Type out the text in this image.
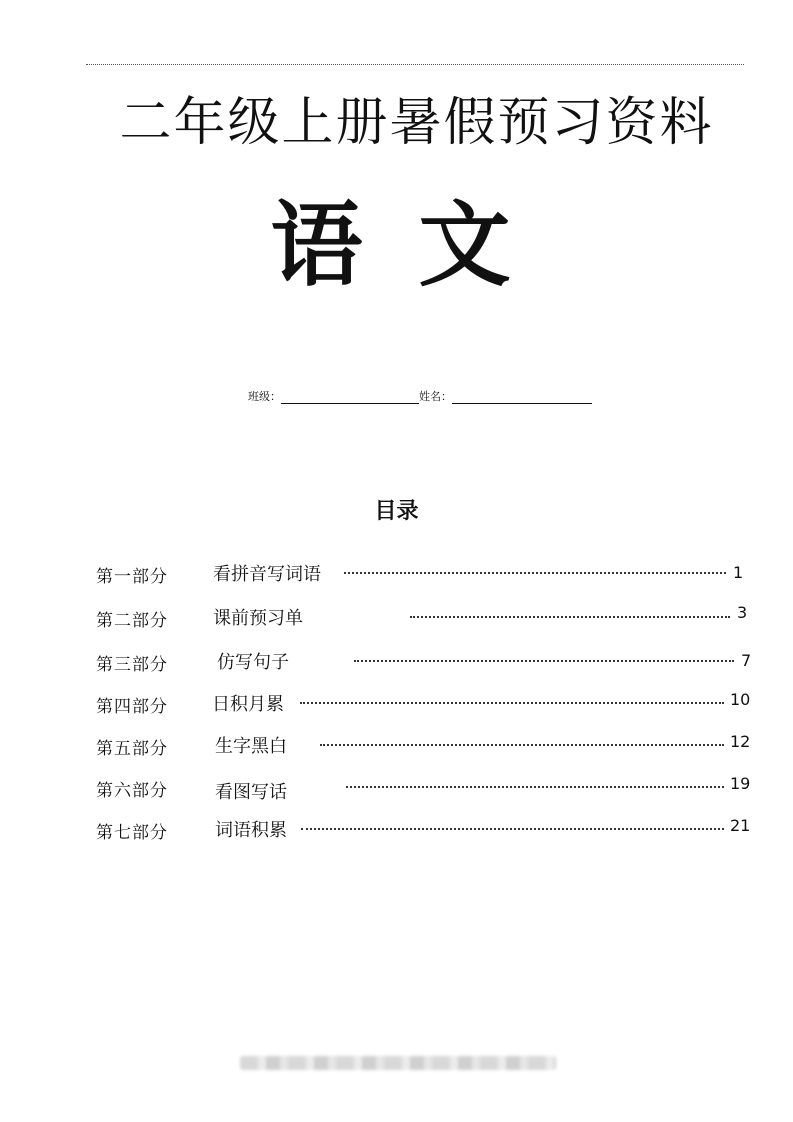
二年级上册暑假预习资料
语 文
班级：	姓名：
目录
第一部分	看拼音写词语	1
第二部分	课前预习单	3
第三部分	仿写句子	7
第四部分 日积月累	10
第五部分	生字黑白	12
第六部分	看图写话	19
第七部分	词语积累	21
